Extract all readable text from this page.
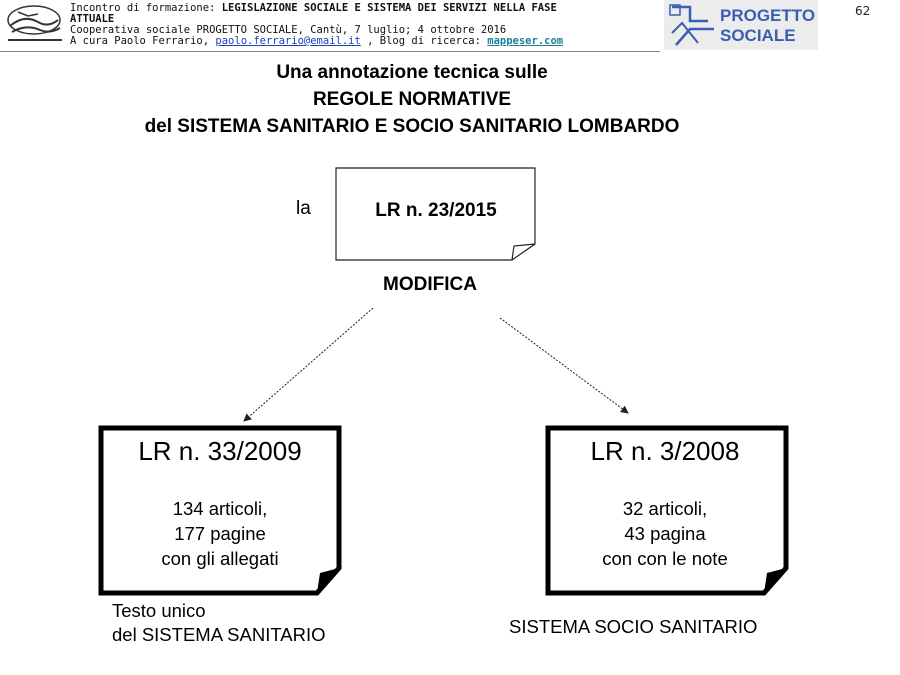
Incontro di formazione: LEGISLAZIONE SOCIALE E SISTEMA DEI SERVIZI NELLA FASE
ATTUALE
Cooperativa sociale PROGETTO SOCIALE, Cantù, 7 luglio; 4 ottobre 2016
A cura Paolo Ferrario, paolo.ferrario@email.it , Blog di ricerca: mappeser.com
PROGETTO
SOCIALE
62
Una annotazione tecnica sulle
REGOLE NORMATIVE
del SISTEMA SANITARIO E SOCIO SANITARIO LOMBARDO
la	LR n. 23/2015
MODIFICA
LR n. 33/2009
134 articoli,
177 pagine
con gli allegati
Testo unico
del SISTEMA SANITARIO
LR n. 3/2008
32 articoli,
43 pagina
con con le note
SISTEMA SOCIO SANITARIO
